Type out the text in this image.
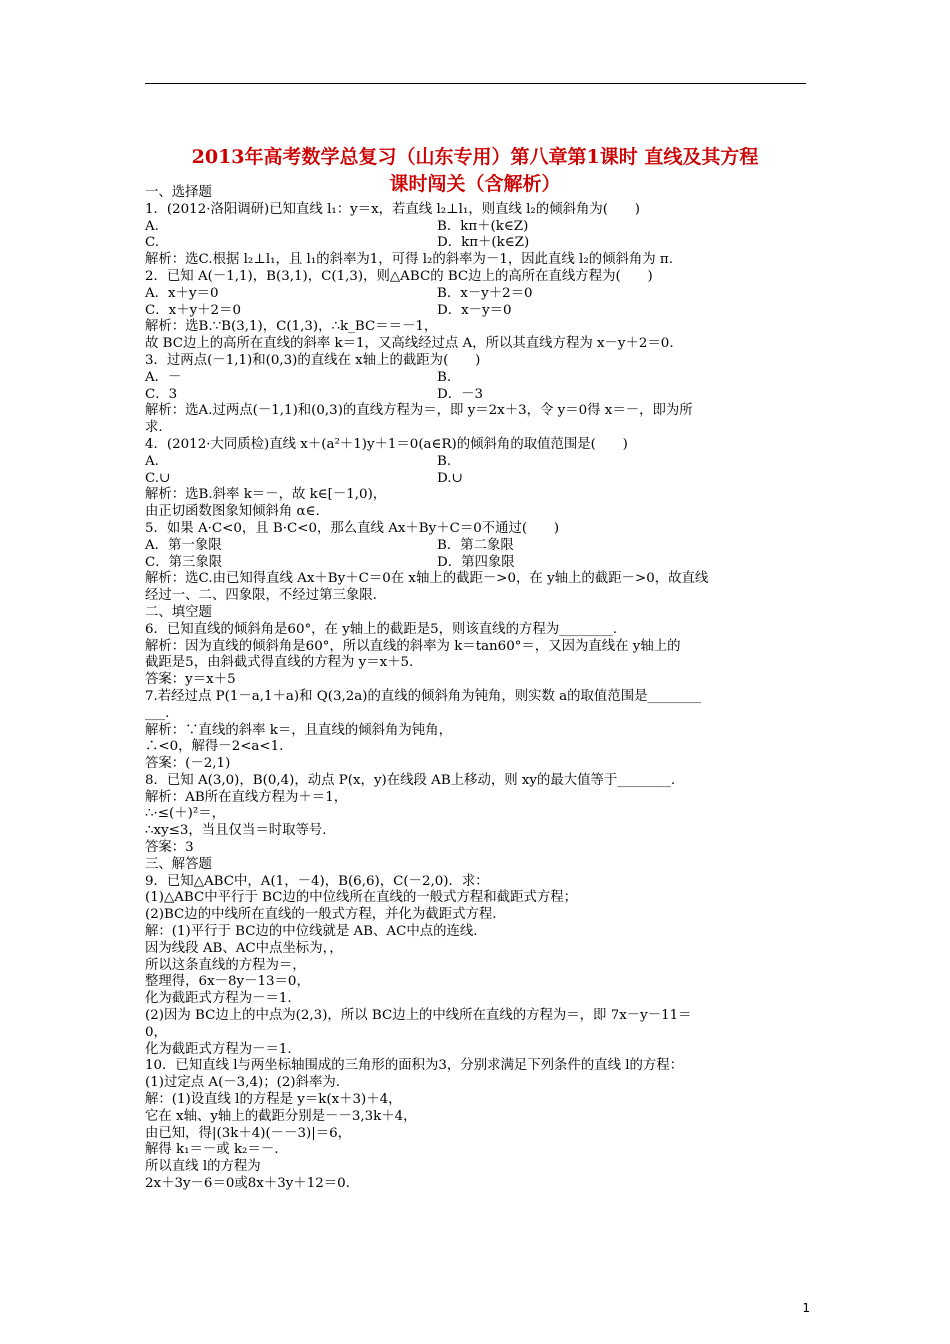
2013年高考数学总复习（山东专用）第八章第1课时 直线及其方程
课时闯关（含解析）
一、选择题
1．(2012·洛阳调研)已知直线 l₁：y＝x，若直线 l₂⊥l₁，则直线 l₂的倾斜角为(　　)
A.	B．kπ＋(k∈Z)
C.	D．kπ＋(k∈Z)
解析：选C.根据 l₂⊥l₁，且 l₁的斜率为1，可得 l₂的斜率为－1，因此直线 l₂的倾斜角为 π.
2．已知 A(－1,1)，B(3,1)，C(1,3)，则△ABC的 BC边上的高所在直线方程为(　　)
A．x＋y＝0	B．x－y＋2＝0
C．x＋y＋2＝0	D．x－y＝0
解析：选B.∵B(3,1)，C(1,3)，∴k_BC＝＝－1，
故 BC边上的高所在直线的斜率 k＝1，又高线经过点 A，所以其直线方程为 x－y＋2＝0.
3．过两点(－1,1)和(0,3)的直线在 x轴上的截距为(　　)
A．－	B.
C．3	D．－3
解析：选A.过两点(－1,1)和(0,3)的直线方程为＝，即 y＝2x＋3，令 y＝0得 x＝－，即为所
求.
4．(2012·大同质检)直线 x＋(a²＋1)y＋1＝0(a∈R)的倾斜角的取值范围是(　　)
A.	B.
C.∪	D.∪
解析：选B.斜率 k＝－，故 k∈[－1,0)，
由正切函数图象知倾斜角 α∈.
5．如果 A·C<0，且 B·C<0，那么直线 Ax＋By＋C＝0不通过(　　)
A．第一象限	B．第二象限
C．第三象限	D．第四象限
解析：选C.由已知得直线 Ax＋By＋C＝0在 x轴上的截距－>0，在 y轴上的截距－>0，故直线
经过一、二、四象限，不经过第三象限.
二、填空题
6．已知直线的倾斜角是60°，在 y轴上的截距是5，则该直线的方程为________.
解析：因为直线的倾斜角是60°，所以直线的斜率为 k＝tan60°＝，又因为直线在 y轴上的
截距是5，由斜截式得直线的方程为 y＝x＋5.
答案：y＝x＋5
7.若经过点 P(1－a,1＋a)和 Q(3,2a)的直线的倾斜角为钝角，则实数 a的取值范围是________
___.
解析：∵直线的斜率 k＝，且直线的倾斜角为钝角，
∴<0，解得－2<a<1.
答案：(－2,1)
8．已知 A(3,0)，B(0,4)，动点 P(x，y)在线段 AB上移动，则 xy的最大值等于________.
解析：AB所在直线方程为＋＝1，
∴·≤(＋)²＝，
∴xy≤3，当且仅当＝时取等号.
答案：3
三、解答题
9．已知△ABC中，A(1，－4)，B(6,6)，C(－2,0)．求：
(1)△ABC中平行于 BC边的中位线所在直线的一般式方程和截距式方程；
(2)BC边的中线所在直线的一般式方程，并化为截距式方程.
解：(1)平行于 BC边的中位线就是 AB、AC中点的连线.
因为线段 AB、AC中点坐标为，，
所以这条直线的方程为＝，
整理得，6x－8y－13＝0，
化为截距式方程为－＝1.
(2)因为 BC边上的中点为(2,3)，所以 BC边上的中线所在直线的方程为＝，即 7x－y－11＝
0，
化为截距式方程为－＝1.
10．已知直线 l与两坐标轴围成的三角形的面积为3，分别求满足下列条件的直线 l的方程：
(1)过定点 A(－3,4)；(2)斜率为.
解：(1)设直线 l的方程是 y＝k(x＋3)＋4，
它在 x轴、y轴上的截距分别是－－3,3k＋4，
由已知，得|(3k＋4)(－－3)|＝6，
解得 k₁＝－或 k₂＝－.
所以直线 l的方程为
2x＋3y－6＝0或8x＋3y＋12＝0.
1
